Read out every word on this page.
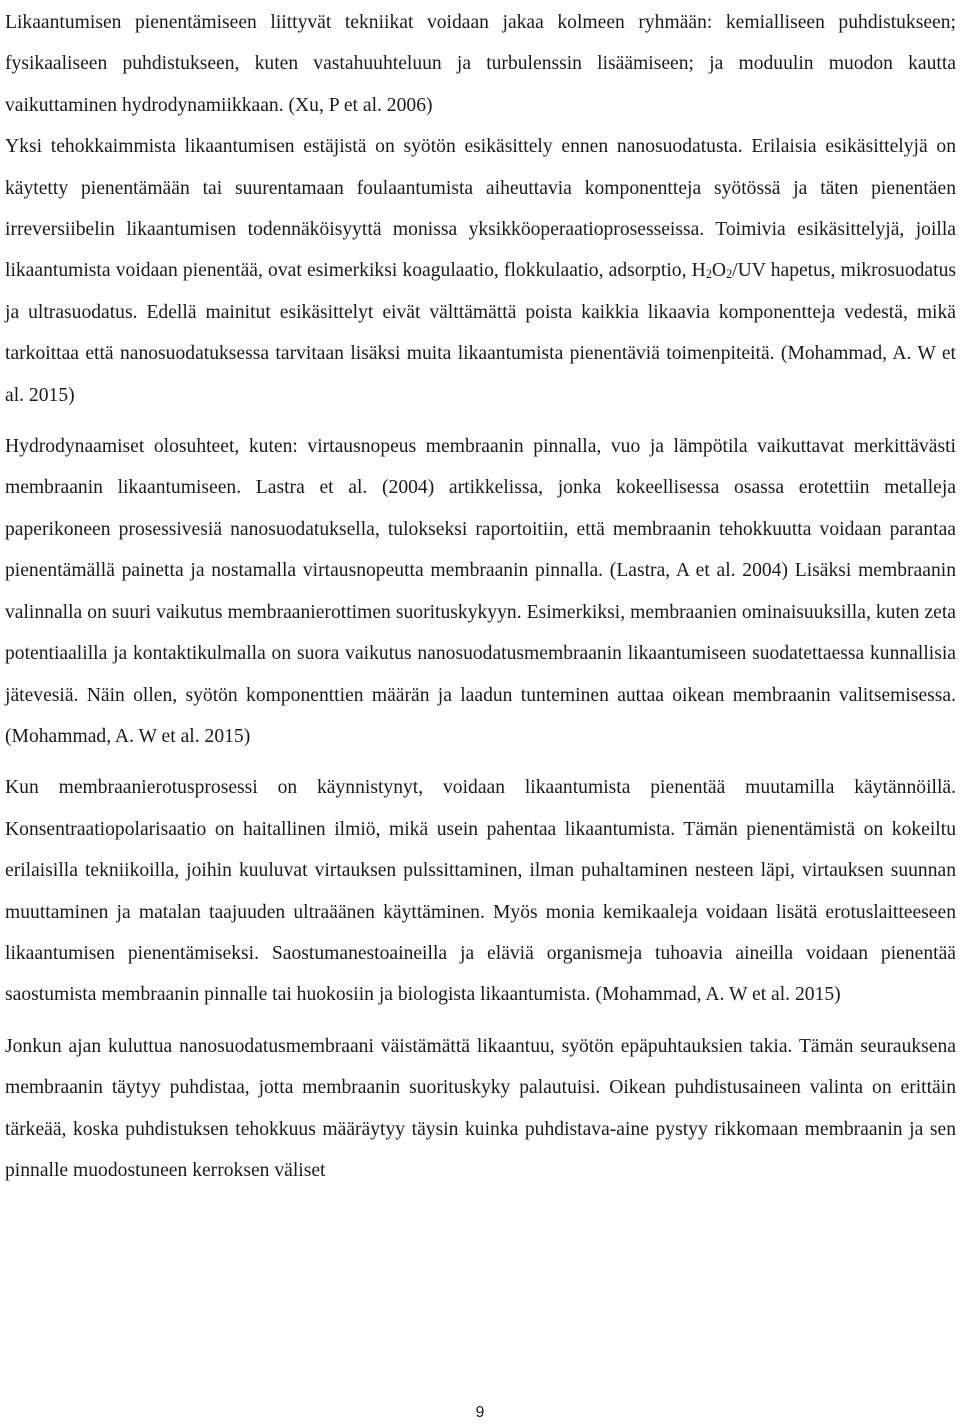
Likaantumisen pienentämiseen liittyvät tekniikat voidaan jakaa kolmeen ryhmään: kemialliseen puhdistukseen; fysikaaliseen puhdistukseen, kuten vastahuuhteluun ja turbulenssin lisäämiseen; ja moduulin muodon kautta vaikuttaminen hydrodynamiikkaan. (Xu, P et al. 2006)

Yksi tehokkaimmista likaantumisen estäjistä on syötön esikäsittely ennen nanosuodatusta. Erilaisia esikäsittelyjä on käytetty pienentämään tai suurentamaan foulaantumista aiheuttavia komponentteja syötössä ja täten pienentäen irreversiibelin likaantumisen todennäköisyyttä monissa yksikköoperaatioprosesseissa. Toimivia esikäsittelyjä, joilla likaantumista voidaan pienentää, ovat esimerkiksi koagulaatio, flokkulaatio, adsorptio, $H_2O_2/UV$ hapetus, mikrosuodatus ja ultrasuodatus. Edellä mainitut esikäsittelyt eivät välttämättä poista kaikkia likaavia komponentteja vedestä, mikä tarkoittaa että nanosuodatuksessa tarvitaan lisäksi muita likaantumista pienentäviä toimenpiteitä. (Mohammad, A. W et al. 2015)

Hydrodynaamiset olosuhteet, kuten: virtausnopeus membraanin pinnalla, vuo ja lämpötila vaikuttavat merkittävästi membraanin likaantumiseen. Lastra et al. (2004) artikkelissa, jonka kokeellisessa osassa erotettiin metalleja paperikoneen prosessivesiä nanosuodatuksella, tulokseksi raportoitiin, että membraanin tehokkuutta voidaan parantaa pienentämällä painetta ja nostamalla virtausnopeutta membraanin pinnalla. (Lastra, A et al. 2004) Lisäksi membraanin valinnalla on suuri vaikutus membraanierottimen suorituskykyyn. Esimerkiksi, membraanien ominaisuuksilla, kuten zeta potentiaalilla ja kontaktikulmalla on suora vaikutus nanosuodatusmembraanin likaantumiseen suodatettaessa kunnallisia jätevesiä. Näin ollen, syötön komponenttien määrän ja laadun tunteminen auttaa oikean membraanin valitsemisessa. (Mohammad, A. W et al. 2015)

Kun membraanierotusprosessi on käynnistynyt, voidaan likaantumista pienentää muutamilla käytännöillä. Konsentraatiopolarisaatio on haitallinen ilmiö, mikä usein pahentaa likaantumista. Tämän pienentämistä on kokeiltu erilaisilla tekniikoilla, joihin kuuluvat virtauksen pulssittaminen, ilman puhaltaminen nesteen läpi, virtauksen suunnan muuttaminen ja matalan taajuuden ultraäänen käyttäminen. Myös monia kemikaaleja voidaan lisätä erotuslaitteeseen likaantumisen pienentämiseksi. Saostumanestoaineilla ja eläviä organismeja tuhoavia aineilla voidaan pienentää saostumista membraanin pinnalle tai huokosiin ja biologista likaantumista. (Mohammad, A. W et al. 2015)

Jonkun ajan kuluttua nanosuodatusmembraani väistämättä likaantuu, syötön epäpuhtauksien takia. Tämän seurauksena membraanin täytyy puhdistaa, jotta membraanin suorituskyky palautuisi. Oikean puhdistusaineen valinta on erittäin tärkeää, koska puhdistuksen tehokkuus määräytyy täysin kuinka puhdistava-aine pystyy rikkomaan membraanin ja sen pinnalle muodostuneen kerroksen väliset

9
